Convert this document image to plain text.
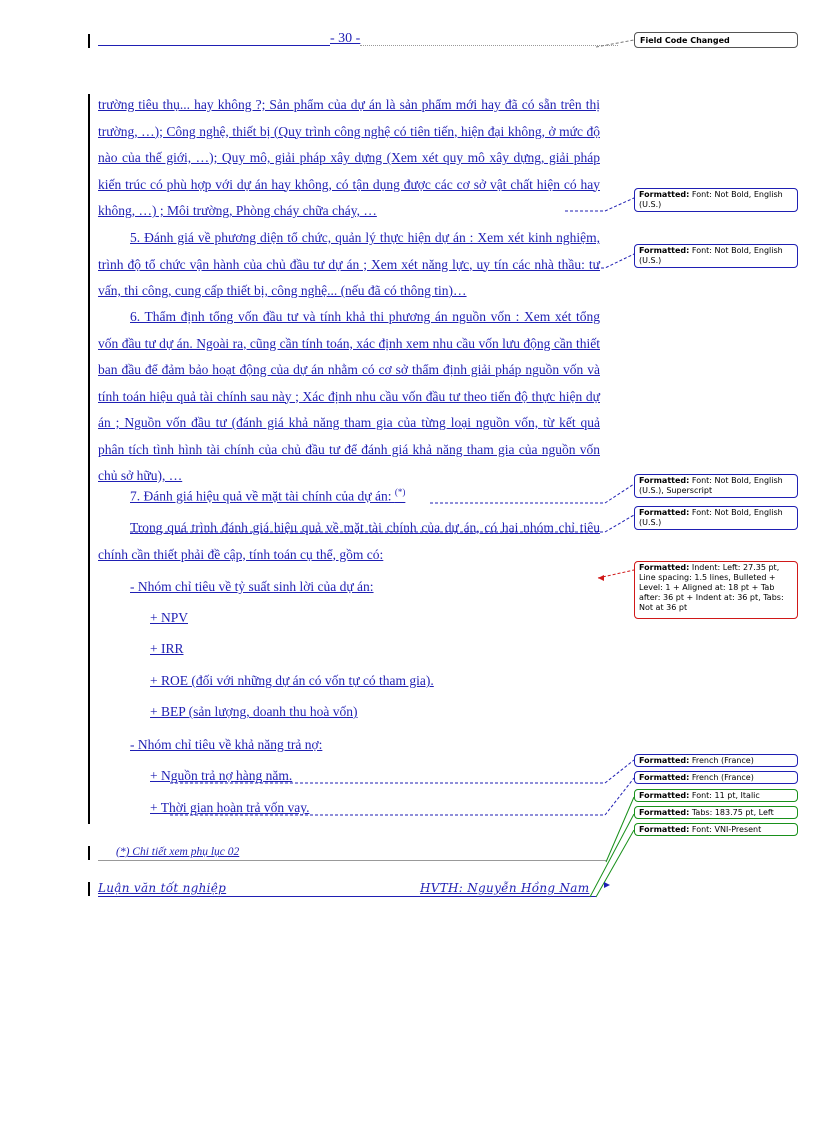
- 30 -

trường tiêu thụ... hay không ?; Sản phẩm của dự án là sản phẩm mới hay đã có sẵn trên thị trường, …); Công nghệ, thiết bị (Quy trình công nghệ có tiên tiến, hiện đại không, ở mức độ nào của thế giới, …); Quy mô, giải pháp xây dựng (Xem xét quy mô xây dựng, giải pháp kiến trúc có phù hợp với dự án hay không, có tận dụng được các cơ sở vật chất hiện có hay không, …) ; Môi trường, Phòng cháy chữa cháy, …

5. Đánh giá về phương diện tổ chức, quản lý thực hiện dự án : Xem xét kinh nghiệm, trình độ tổ chức vận hành của chủ đầu tư dự án ; Xem xét năng lực, uy tín các nhà thầu: tư vấn, thi công, cung cấp thiết bị, công nghệ... (nếu đã có thông tin)…

6. Thẩm định tổng vốn đầu tư và tính khả thi phương án nguồn vốn : Xem xét tổng vốn đầu tư dự án. Ngoài ra, cũng cần tính toán, xác định xem nhu cầu vốn lưu động cần thiết ban đầu để đảm bảo hoạt động của dự án nhằm có cơ sở thẩm định giải pháp nguồn vốn và tính toán hiệu quả tài chính sau này ; Xác định nhu cầu vốn đầu tư theo tiến độ thực hiện dự án ; Nguồn vốn đầu tư (đánh giá khả năng tham gia của từng loại nguồn vốn, từ kết quả phân tích tình hình tài chính của chủ đầu tư để đánh giá khả năng tham gia của nguồn vốn chủ sở hữu), …

7. Đánh giá hiệu quả về mặt tài chính của dự án: (*)

Trong quá trình đánh giá hiệu quả về mặt tài chính của dự án, có hai nhóm chỉ tiêu chính cần thiết phải đề cập, tính toán cụ thể, gồm có:

- Nhóm chỉ tiêu về tỷ suất sinh lời của dự án:
+ NPV
+ IRR
+ ROE (đối với những dự án có vốn tự có tham gia).
+ BEP (sản lượng, doanh thu hoà vốn)
- Nhóm chỉ tiêu về khả năng trả nợ:
+ Nguồn trả nợ hàng năm.
+ Thời gian hoàn trả vốn vay.
(*) Chi tiết xem phụ lục 02
Luận văn tốt nghiệp	HVTH: Nguyễn Hồng Nam
Field Code Changed
Formatted: Font: Not Bold, English (U.S.)
Formatted: Font: Not Bold, English (U.S.)
Formatted: Font: Not Bold, English (U.S.), Superscript
Formatted: Font: Not Bold, English (U.S.)
Formatted: Indent: Left: 27.35 pt, Line spacing: 1.5 lines, Bulleted + Level: 1 + Aligned at: 18 pt + Tab after: 36 pt + Indent at: 36 pt, Tabs: Not at 36 pt
Formatted: French (France)
Formatted: French (France)
Formatted: Font: 11 pt, Italic
Formatted: Tabs: 183.75 pt, Left
Formatted: Font: VNI-Present
